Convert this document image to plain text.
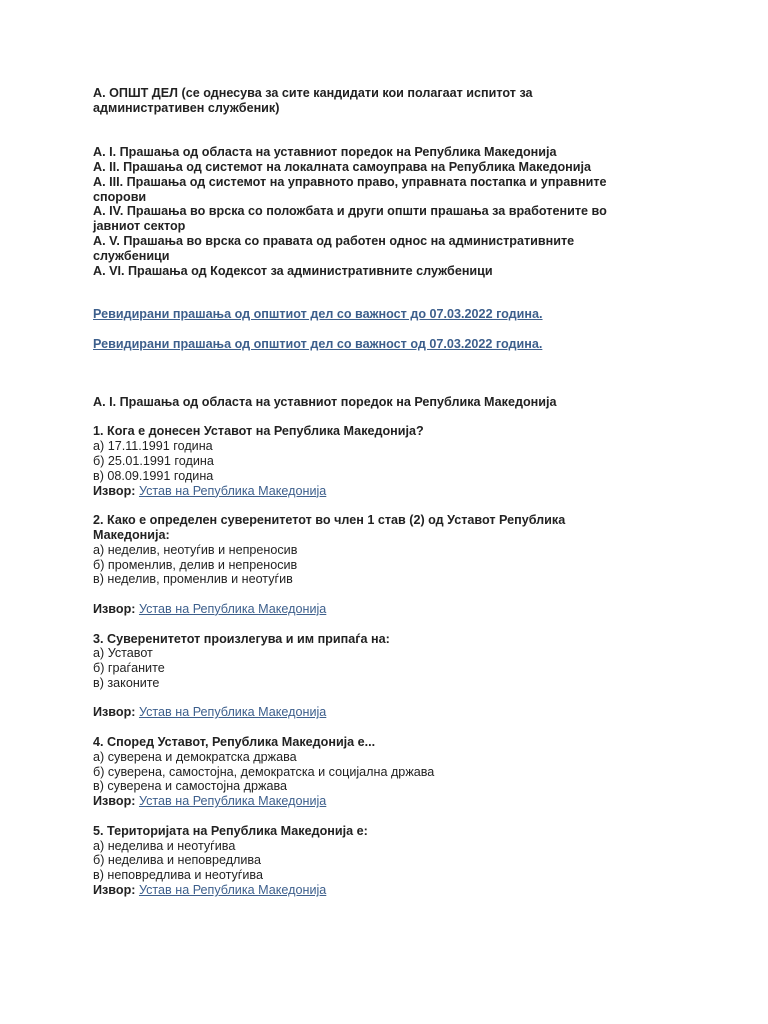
А. ОПШТ ДЕЛ (се однесува за сите кандидати кои полагаат испитот за административен службеник)
А. I. Прашања од областа на уставниот поредок на Република Македонија
А. II. Прашања од системот на локалната самоуправа на Република Македонија
А. III. Прашања од системот на управното право, управната постапка и управните спорови
А. IV. Прашања во врска со положбата и други општи прашања за вработените во јавниот сектор
А. V. Прашања во врска со правата од работен однос на административните службеници
А. VI. Прашања од Кодексот за административните службеници
Ревидирани прашања од општиот дел со важност до 07.03.2022 година.
Ревидирани прашања од општиот дел со важност од 07.03.2022 година.
А. I. Прашања од областа на уставниот поредок на Република Македонија
1. Кога е донесен Уставот на Република Македонија?
а) 17.11.1991 година
б) 25.01.1991 година
в) 08.09.1991 година
Извор: Устав на Република Македонија
2. Како е определен суверенитетот во член 1 став (2) од Уставот Република Македонија:
а) неделив, неотуѓив и непреносив
б) променлив, делив и непреносив
в) неделив, променлив и неотуѓив
Извор: Устав на Република Македонија
3. Суверенитетот произлегува и им припаѓа на:
а) Уставот
б) граѓаните
в) законите
Извор: Устав на Република Македонија
4. Според Уставот, Република Македонија е...
а) суверена и демократска држава
б) суверена, самостојна, демократска и социјална држава
в) суверена и самостојна држава
Извор: Устав на Република Македонија
5. Територијата на Република Македонија е:
а) неделива и неотуѓива
б) неделива и неповредлива
в) неповредлива и неотуѓива
Извор: Устав на Република Македонија
